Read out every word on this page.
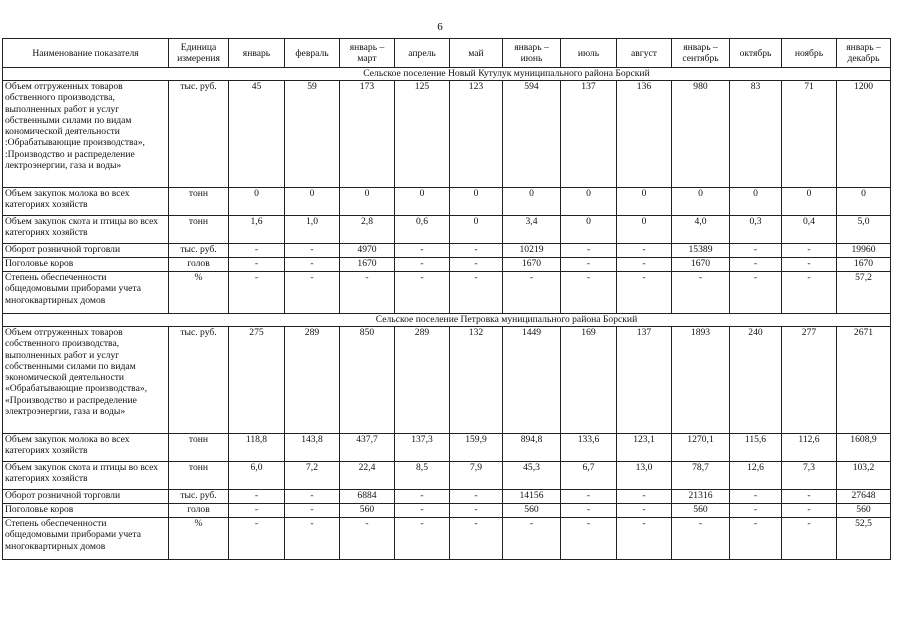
6
Наименование показателя	Единица измерения	январь	февраль	январь – март	апрель	май	январь – июнь	июль	август	январь – сентябрь	октябрь	ноябрь	январь – декабрь
Сельское поселение Новый Кутулук муниципального района Борский													
Объем отгруженных товаров обственного производства, выполненных работ и услуг обственными силами по видам кономической деятельности :Обрабатывающие производства», :Производство и распределение лектроэнергии, газа и воды»	тыс. руб.	45	59	173	125	123	594	137	136	980	83	71	1200
Объем закупок молока во всех категориях хозяйств	тонн	0	0	0	0	0	0	0	0	0	0	0	0
Объем закупок скота и птицы во всех категориях хозяйств	тонн	1,6	1,0	2,8	0,6	0	3,4	0	0	4,0	0,3	0,4	5,0
Оборот розничной торговли	тыс. руб.	-	-	4970	-	-	10219	-	-	15389	-	-	19960
Поголовье коров	голов	-	-	1670	-	-	1670	-	-	1670	-	-	1670
Степень обеспеченности общедомовыми приборами учета многоквартирных домов	%	-	-	-	-	-	-	-	-	-	-	-	57,2
Сельское поселение Петровка муниципального района Борский													
Объем отгруженных товаров собственного производства, выполненных работ и услуг собственными силами по видам экономической деятельности «Обрабатывающие производства», «Производство и распределение электроэнергии, газа и воды»	тыс. руб.	275	289	850	289	132	1449	169	137	1893	240	277	2671
Объем закупок молока во всех категориях хозяйств	тонн	118,8	143,8	437,7	137,3	159,9	894,8	133,6	123,1	1270,1	115,6	112,6	1608,9
Объем закупок скота и птицы во всех категориях хозяйств	тонн	6,0	7,2	22,4	8,5	7,9	45,3	6,7	13,0	78,7	12,6	7,3	103,2
Оборот розничной торговли	тыс. руб.	-	-	6884	-	-	14156	-	-	21316	-	-	27648
Поголовье коров	голов	-	-	560	-	-	560	-	-	560	-	-	560
Степень обеспеченности общедомовыми приборами учета многоквартирных домов	%	-	-	-	-	-	-	-	-	-	-	-	52,5
